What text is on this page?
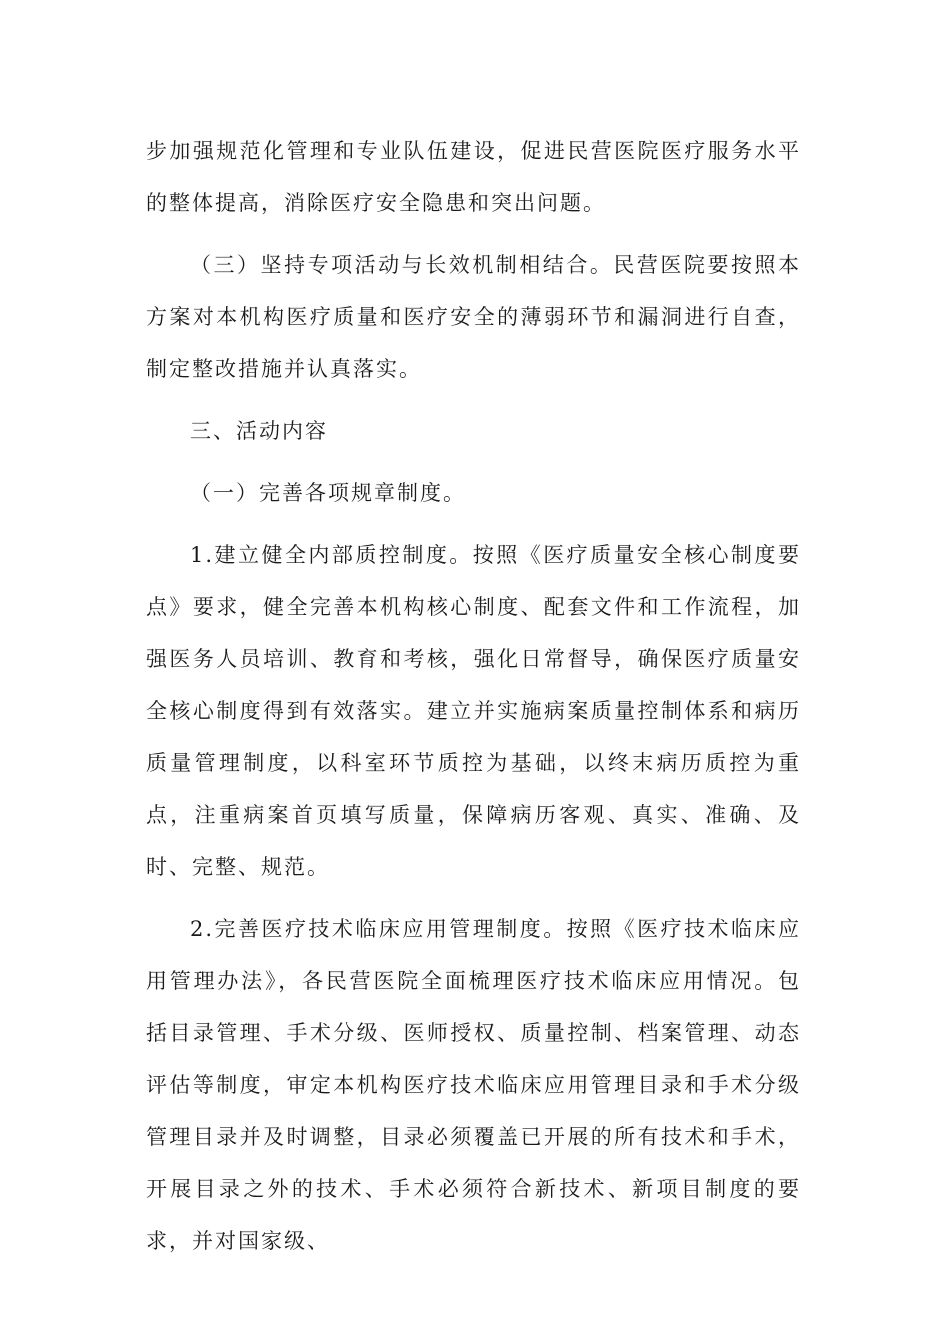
步加强规范化管理和专业队伍建设，促进民营医院医疗服务水平的整体提高，消除医疗安全隐患和突出问题。

（三）坚持专项活动与长效机制相结合。民营医院要按照本方案对本机构医疗质量和医疗安全的薄弱环节和漏洞进行自查，制定整改措施并认真落实。

三、活动内容

（一）完善各项规章制度。

1.建立健全内部质控制度。按照《医疗质量安全核心制度要点》要求，健全完善本机构核心制度、配套文件和工作流程，加强医务人员培训、教育和考核，强化日常督导，确保医疗质量安全核心制度得到有效落实。建立并实施病案质量控制体系和病历质量管理制度，以科室环节质控为基础，以终末病历质控为重点，注重病案首页填写质量，保障病历客观、真实、准确、及时、完整、规范。

2.完善医疗技术临床应用管理制度。按照《医疗技术临床应用管理办法》，各民营医院全面梳理医疗技术临床应用情况。包括目录管理、手术分级、医师授权、质量控制、档案管理、动态评估等制度，审定本机构医疗技术临床应用管理目录和手术分级管理目录并及时调整，目录必须覆盖已开展的所有技术和手术，开展目录之外的技术、手术必须符合新技术、新项目制度的要求，并对国家级、
